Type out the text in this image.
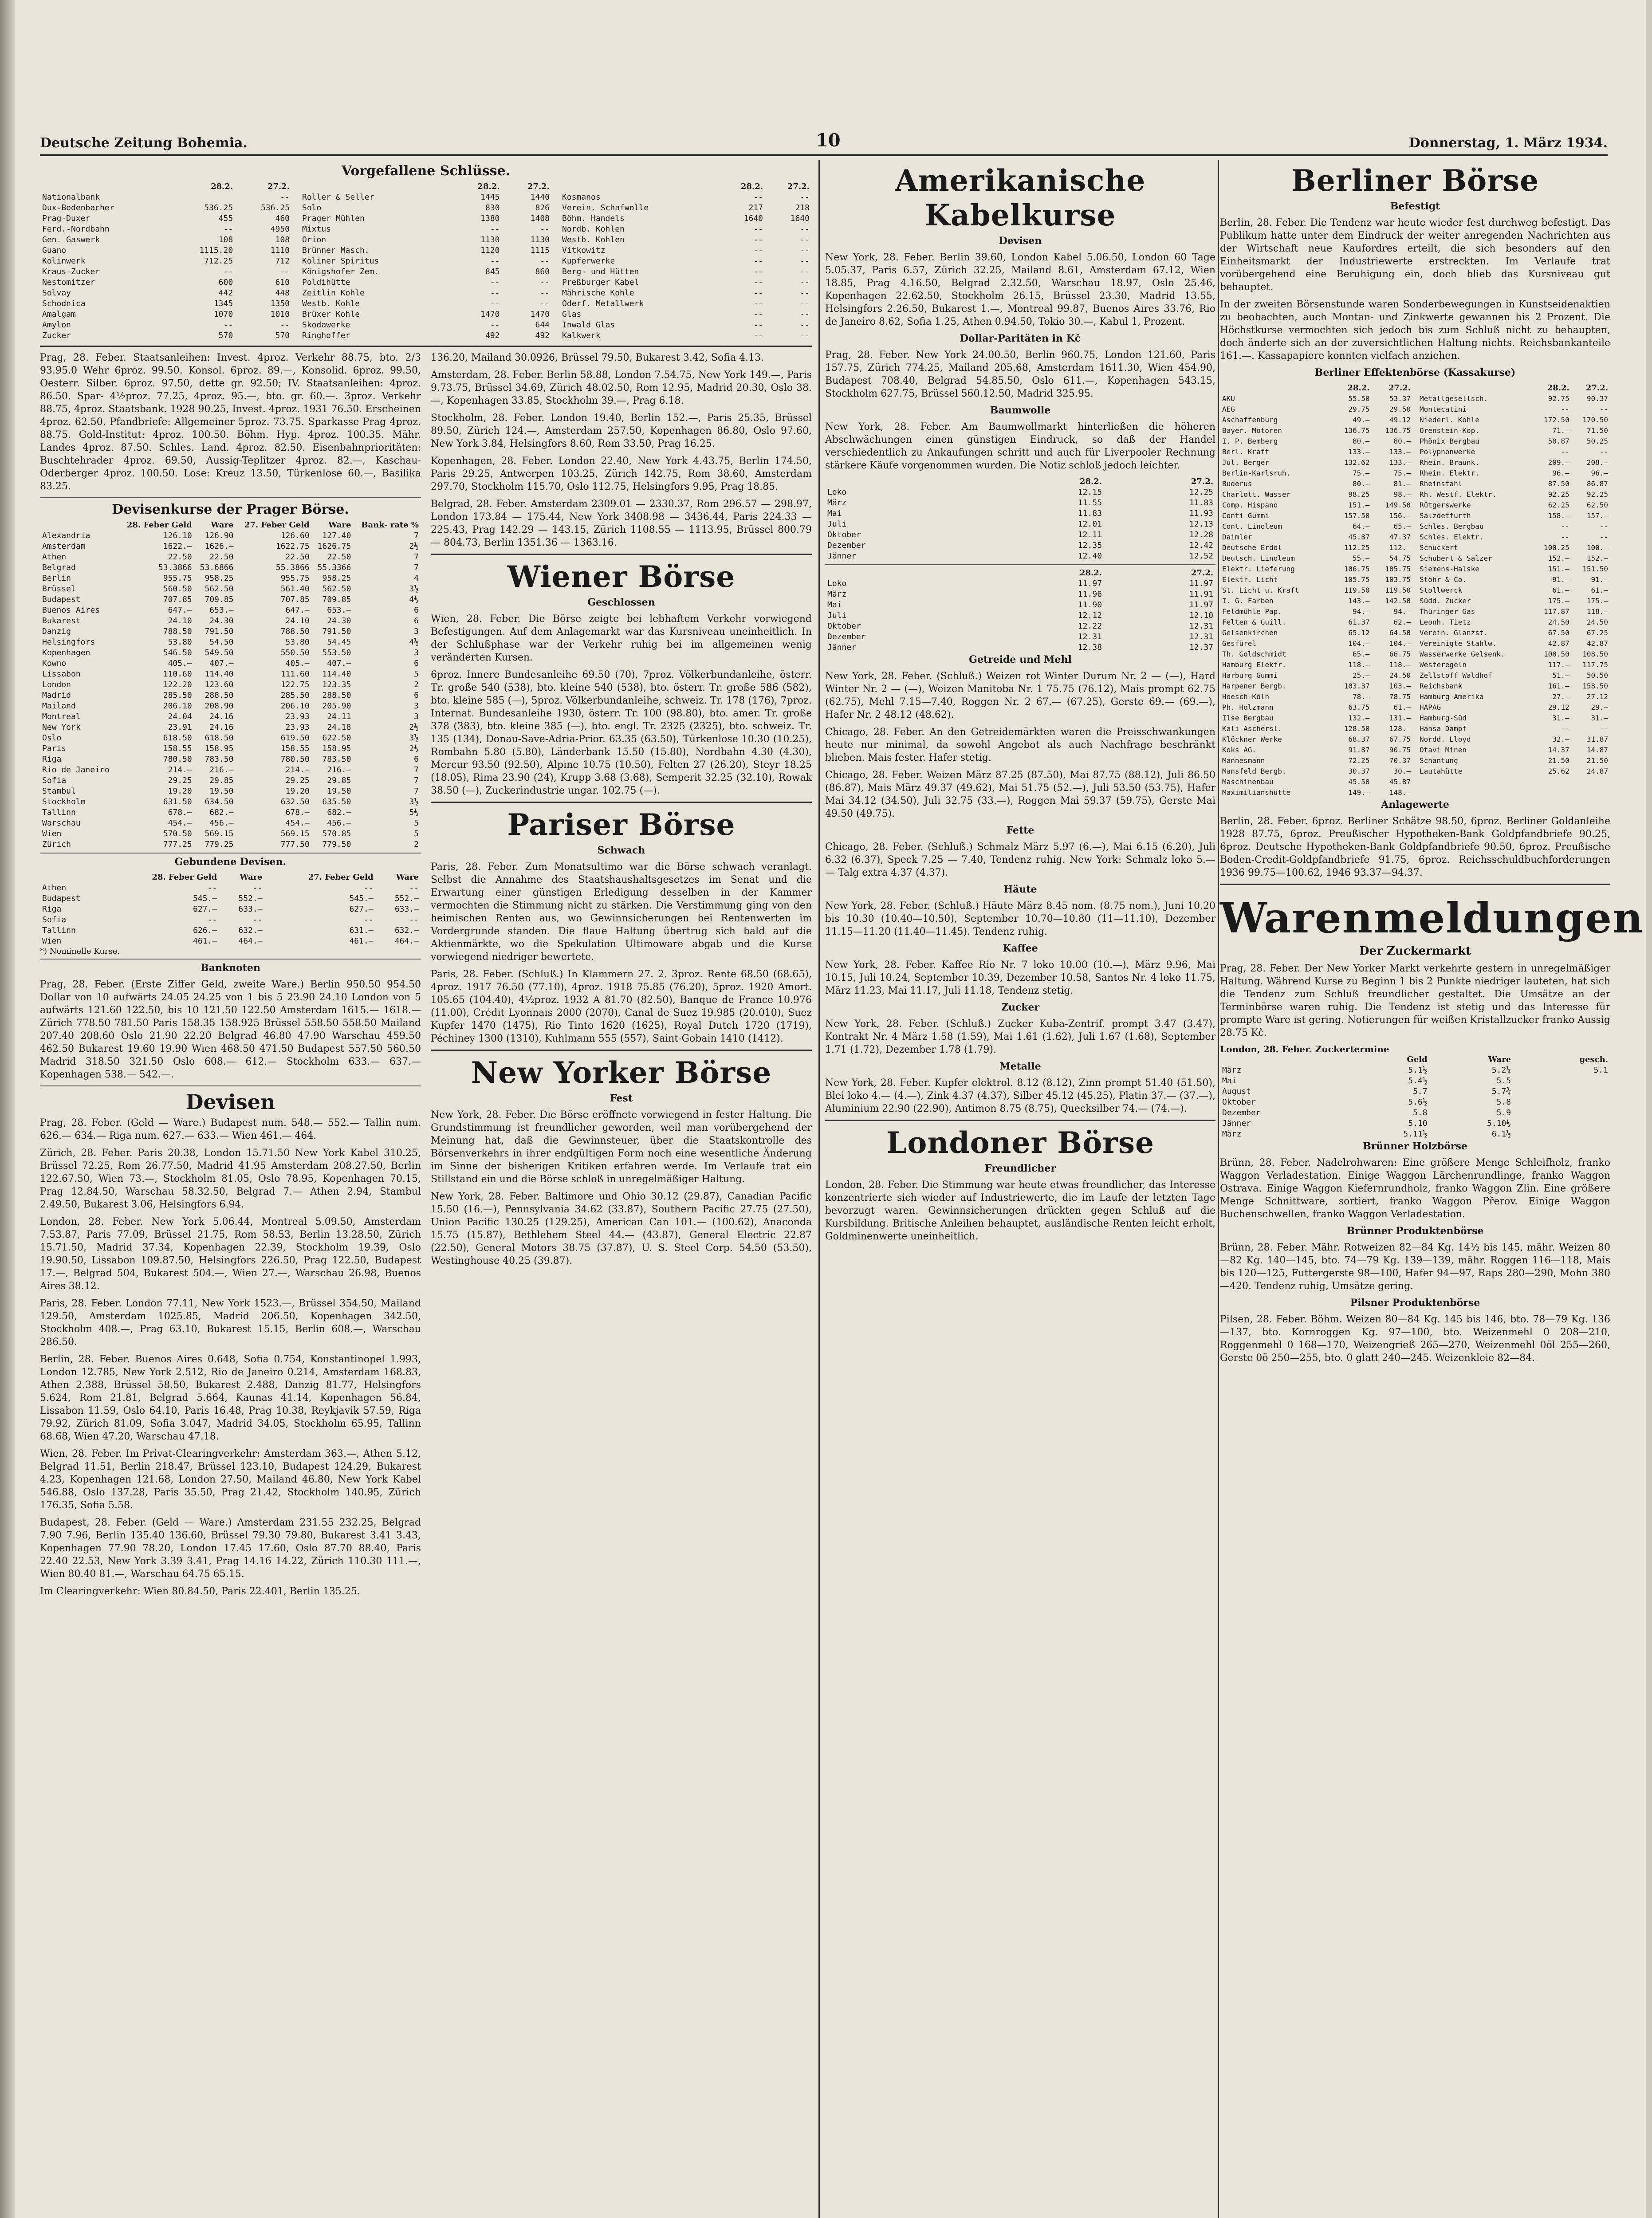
Deutsche Zeitung Bohemia.	10	Donnerstag, 1. März 1934.
Vorgefallene Schlüsse.
	28.2.	27.2.
Nationalbank		--
Dux-Bodenbacher	536.25	536.25
Prag-Duxer	455	460
Ferd.-Nordbahn	--	4950
Gen. Gaswerk	108	108
Guano	1115.20	1110
Kolinwerk	712.25	712
Kraus-Zucker	--	--
Nestomitzer	600	610
Solvay	442	448
Schodnica	1345	1350
Amalgam	1070	1010
Amylon	--	--
Zucker	570	570
	28.2.	27.2.
Roller & Seller	1445	1440
Solo	830	826
Prager Mühlen	1380	1408
Mixtus	--	--
Orion	1130	1130
Brünner Masch.	1120	1115
Koliner Spiritus	--	--
Königshofer Zem.	845	860
Poldihütte	--	--
Zeitlin Kohle	--	--
Westb. Kohle	--	--
Brüxer Kohle	1470	1470
Skodawerke	--	644
Ringhoffer	492	492
	28.2.	27.2.
Kosmanos	--	--
Verein. Schafwolle	217	218
Böhm. Handels	1640	1640
Nordb. Kohlen	--	--
Westb. Kohlen	--	--
Vitkowitz	--	--
Kupferwerke	--	--
Berg- und Hütten	--	--
Preßburger Kabel	--	--
Mährische Kohle	--	--
Oderf. Metallwerk	--	--
Glas	--	--
Inwald Glas	--	--
Kalkwerk	--	--

Prag, 28. Feber. Staatsanleihen: Invest. 4proz. Verkehr 88.75, bto. 2/3 93.95.0 Wehr 6proz. 99.50. Konsol. 6proz. 89.—, Konsolid. 6proz. 99.50, Oesterr. Silber. 6proz. 97.50, dette gr. 92.50; IV. Staatsanleihen: 4proz. 86.50. Spar- 4½proz. 77.25, 4proz. 95.—, bto. gr. 60.—. 3proz. Verkehr 88.75, 4proz. Staatsbank. 1928 90.25, Invest. 4proz. 1931 76.50. Erscheinen 4proz. 62.50. Pfandbriefe: Allgemeiner 5proz. 73.75. Sparkasse Prag 4proz. 88.75. Gold-Institut: 4proz. 100.50. Böhm. Hyp. 4proz. 100.35. Mähr. Landes 4proz. 87.50. Schles. Land. 4proz. 82.50. Eisenbahnprioritäten: Buschtehrader 4proz. 69.50, Aussig-Teplitzer 4proz. 82.—, Kaschau-Oderberger 4proz. 100.50. Lose: Kreuz 13.50, Türkenlose 60.—, Basilika 83.25.

Devisenkurse der Prager Börse.
	28. Feber Geld	Ware	27. Feber Geld	Ware	Bank- rate %
Alexandria	126.10	126.90	126.60	127.40	7
Amsterdam	1622.—	1626.—	1622.75	1626.75	2½
Athen	22.50	22.50	22.50	22.50	7
Belgrad	53.3866	53.6866	55.3866	55.3366	7
Berlin	955.75	958.25	955.75	958.25	4
Brüssel	560.50	562.50	561.40	562.50	3½
Budapest	707.85	709.85	707.85	709.85	4½
Buenos Aires	647.—	653.—	647.—	653.—	6
Bukarest	24.10	24.30	24.10	24.30	6
Danzig	788.50	791.50	788.50	791.50	3
Helsingfors	53.80	54.50	53.80	54.45	4½
Kopenhagen	546.50	549.50	550.50	553.50	3
Kowno	405.—	407.—	405.—	407.—	6
Lissabon	110.60	114.40	111.60	114.40	5
London	122.20	123.60	122.75	123.35	2
Madrid	285.50	288.50	285.50	288.50	6
Mailand	206.10	208.90	206.10	205.90	3
Montreal	24.04	24.16	23.93	24.11	3
New York	23.91	24.16	23.93	24.18	2½
Oslo	618.50	618.50	619.50	622.50	3½
Paris	158.55	158.95	158.55	158.95	2½
Riga	780.50	783.50	780.50	783.50	6
Rio de Janeiro	214.—	216.—	214.—	216.—	7
Sofia	29.25	29.85	29.25	29.85	7
Stambul	19.20	19.50	19.20	19.50	7
Stockholm	631.50	634.50	632.50	635.50	3½
Tallinn	678.—	682.—	678.—	682.—	5½
Warschau	454.—	456.—	454.—	456.—	5
Wien	570.50	569.15	569.15	570.85	5
Zürich	777.25	779.25	777.50	779.50	2
Gebundene Devisen.
	28. Feber Geld	Ware	27. Feber Geld	Ware
Athen	--	--	--	--
Budapest	545.—	552.—	545.—	552.—
Riga	627.—	633.—	627.—	633.—
Sofia	--	--	--	--
Tallinn	626.—	632.—	631.—	632.—
Wien	461.—	464.—	461.—	464.—
*) Nominelle Kurse.
Banknoten

Prag, 28. Feber. (Erste Ziffer Geld, zweite Ware.) Berlin 950.50 954.50 Dollar von 10 aufwärts 24.05 24.25 von 1 bis 5 23.90 24.10 London von 5 aufwärts 121.60 122.50, bis 10 121.50 122.50 Amsterdam 1615.— 1618.— Zürich 778.50 781.50 Paris 158.35 158.925 Brüssel 558.50 558.50 Mailand 207.40 208.60 Oslo 21.90 22.20 Belgrad 46.80 47.90 Warschau 459.50 462.50 Bukarest 19.60 19.90 Wien 468.50 471.50 Budapest 557.50 560.50 Madrid 318.50 321.50 Oslo 608.— 612.— Stockholm 633.— 637.— Kopenhagen 538.— 542.—.

Devisen

Prag, 28. Feber. (Geld — Ware.) Budapest num. 548.— 552.— Tallin num. 626.— 634.— Riga num. 627.— 633.— Wien 461.— 464.

Zürich, 28. Feber. Paris 20.38, London 15.71.50 New York Kabel 310.25, Brüssel 72.25, Rom 26.77.50, Madrid 41.95 Amsterdam 208.27.50, Berlin 122.67.50, Wien 73.—, Stockholm 81.05, Oslo 78.95, Kopenhagen 70.15, Prag 12.84.50, Warschau 58.32.50, Belgrad 7.— Athen 2.94, Stambul 2.49.50, Bukarest 3.06, Helsingfors 6.94.

London, 28. Feber. New York 5.06.44, Montreal 5.09.50, Amsterdam 7.53.87, Paris 77.09, Brüssel 21.75, Rom 58.53, Berlin 13.28.50, Zürich 15.71.50, Madrid 37.34, Kopenhagen 22.39, Stockholm 19.39, Oslo 19.90.50, Lissabon 109.87.50, Helsingfors 226.50, Prag 122.50, Budapest 17.—, Belgrad 504, Bukarest 504.—, Wien 27.—, Warschau 26.98, Buenos Aires 38.12.

Paris, 28. Feber. London 77.11, New York 1523.—, Brüssel 354.50, Mailand 129.50, Amsterdam 1025.85, Madrid 206.50, Kopenhagen 342.50, Stockholm 408.—, Prag 63.10, Bukarest 15.15, Berlin 608.—, Warschau 286.50.

Berlin, 28. Feber. Buenos Aires 0.648, Sofia 0.754, Konstantinopel 1.993, London 12.785, New York 2.512, Rio de Janeiro 0.214, Amsterdam 168.83, Athen 2.388, Brüssel 58.50, Bukarest 2.488, Danzig 81.77, Helsingfors 5.624, Rom 21.81, Belgrad 5.664, Kaunas 41.14, Kopenhagen 56.84, Lissabon 11.59, Oslo 64.10, Paris 16.48, Prag 10.38, Reykjavik 57.59, Riga 79.92, Zürich 81.09, Sofia 3.047, Madrid 34.05, Stockholm 65.95, Tallinn 68.68, Wien 47.20, Warschau 47.18.

Wien, 28. Feber. Im Privat-Clearingverkehr: Amsterdam 363.—, Athen 5.12, Belgrad 11.51, Berlin 218.47, Brüssel 123.10, Budapest 124.29, Bukarest 4.23, Kopenhagen 121.68, London 27.50, Mailand 46.80, New York Kabel 546.88, Oslo 137.28, Paris 35.50, Prag 21.42, Stockholm 140.95, Zürich 176.35, Sofia 5.58.

Budapest, 28. Feber. (Geld — Ware.) Amsterdam 231.55 232.25, Belgrad 7.90 7.96, Berlin 135.40 136.60, Brüssel 79.30 79.80, Bukarest 3.41 3.43, Kopenhagen 77.90 78.20, London 17.45 17.60, Oslo 87.70 88.40, Paris 22.40 22.53, New York 3.39 3.41, Prag 14.16 14.22, Zürich 110.30 111.—, Wien 80.40 81.—, Warschau 64.75 65.15.

Im Clearingverkehr: Wien 80.84.50, Paris 22.401, Berlin 135.25.

136.20, Mailand 30.0926, Brüssel 79.50, Bukarest 3.42, Sofia 4.13.

Amsterdam, 28. Feber. Berlin 58.88, London 7.54.75, New York 149.—, Paris 9.73.75, Brüssel 34.69, Zürich 48.02.50, Rom 12.95, Madrid 20.30, Oslo 38.—, Kopenhagen 33.85, Stockholm 39.—, Prag 6.18.

Stockholm, 28. Feber. London 19.40, Berlin 152.—, Paris 25.35, Brüssel 89.50, Zürich 124.—, Amsterdam 257.50, Kopenhagen 86.80, Oslo 97.60, New York 3.84, Helsingfors 8.60, Rom 33.50, Prag 16.25.

Kopenhagen, 28. Feber. London 22.40, New York 4.43.75, Berlin 174.50, Paris 29.25, Antwerpen 103.25, Zürich 142.75, Rom 38.60, Amsterdam 297.70, Stockholm 115.70, Oslo 112.75, Helsingfors 9.95, Prag 18.85.

Belgrad, 28. Feber. Amsterdam 2309.01 — 2330.37, Rom 296.57 — 298.97, London 173.84 — 175.44, New York 3408.98 — 3436.44, Paris 224.33 — 225.43, Prag 142.29 — 143.15, Zürich 1108.55 — 1113.95, Brüssel 800.79 — 804.73, Berlin 1351.36 — 1363.16.

Wiener Börse
Geschlossen

Wien, 28. Feber. Die Börse zeigte bei lebhaftem Verkehr vorwiegend Befestigungen. Auf dem Anlagemarkt war das Kursniveau uneinheitlich. In der Schlußphase war der Verkehr ruhig bei im allgemeinen wenig veränderten Kursen.

6proz. Innere Bundesanleihe 69.50 (70), 7proz. Völkerbundanleihe, österr. Tr. große 540 (538), bto. kleine 540 (538), bto. österr. Tr. große 586 (582), bto. kleine 585 (—), 5proz. Völkerbundanleihe, schweiz. Tr. 178 (176), 7proz. Internat. Bundesanleihe 1930, österr. Tr. 100 (98.80), bto. amer. Tr. große 378 (383), bto. kleine 385 (—), bto. engl. Tr. 2325 (2325), bto. schweiz. Tr. 135 (134), Donau-Save-Adria-Prior. 63.35 (63.50), Türkenlose 10.30 (10.25), Rombahn 5.80 (5.80), Länderbank 15.50 (15.80), Nordbahn 4.30 (4.30), Mercur 93.50 (92.50), Alpine 10.75 (10.50), Felten 27 (26.20), Steyr 18.25 (18.05), Rima 23.90 (24), Krupp 3.68 (3.68), Semperit 32.25 (32.10), Rowak 38.50 (—), Zuckerindustrie ungar. 102.75 (—).

Pariser Börse
Schwach

Paris, 28. Feber. Zum Monatsultimo war die Börse schwach veranlagt. Selbst die Annahme des Staatshaushaltsgesetzes im Senat und die Erwartung einer günstigen Erledigung desselben in der Kammer vermochten die Stimmung nicht zu stärken. Die Verstimmung ging von den heimischen Renten aus, wo Gewinnsicherungen bei Rentenwerten im Vordergrunde standen. Die flaue Haltung übertrug sich bald auf die Aktienmärkte, wo die Spekulation Ultimoware abgab und die Kurse vorwiegend niedriger bewertete.

Paris, 28. Feber. (Schluß.) In Klammern 27. 2. 3proz. Rente 68.50 (68.65), 4proz. 1917 76.50 (77.10), 4proz. 1918 75.85 (76.20), 5proz. 1920 Amort. 105.65 (104.40), 4½proz. 1932 A 81.70 (82.50), Banque de France 10.976 (11.00), Crédit Lyonnais 2000 (2070), Canal de Suez 19.985 (20.010), Suez Kupfer 1470 (1475), Rio Tinto 1620 (1625), Royal Dutch 1720 (1719), Péchiney 1300 (1310), Kuhlmann 555 (557), Saint-Gobain 1410 (1412).

New Yorker Börse
Fest

New York, 28. Feber. Die Börse eröffnete vorwiegend in fester Haltung. Die Grundstimmung ist freundlicher geworden, weil man vorübergehend der Meinung hat, daß die Gewinnsteuer, über die Staatskontrolle des Börsenverkehrs in ihrer endgültigen Form noch eine wesentliche Änderung im Sinne der bisherigen Kritiken erfahren werde. Im Verlaufe trat ein Stillstand ein und die Börse schloß in unregelmäßiger Haltung.

New York, 28. Feber. Baltimore und Ohio 30.12 (29.87), Canadian Pacific 15.50 (16.—), Pennsylvania 34.62 (33.87), Southern Pacific 27.75 (27.50), Union Pacific 130.25 (129.25), American Can 101.— (100.62), Anaconda 15.75 (15.87), Bethlehem Steel 44.— (43.87), General Electric 22.87 (22.50), General Motors 38.75 (37.87), U. S. Steel Corp. 54.50 (53.50), Westinghouse 40.25 (39.87).

Amerikanische Kabelkurse
Devisen

New York, 28. Feber. Berlin 39.60, London Kabel 5.06.50, London 60 Tage 5.05.37, Paris 6.57, Zürich 32.25, Mailand 8.61, Amsterdam 67.12, Wien 18.85, Prag 4.16.50, Belgrad 2.32.50, Warschau 18.97, Oslo 25.46, Kopenhagen 22.62.50, Stockholm 26.15, Brüssel 23.30, Madrid 13.55, Helsingfors 2.26.50, Bukarest 1.—, Montreal 99.87, Buenos Aires 33.76, Rio de Janeiro 8.62, Sofia 1.25, Athen 0.94.50, Tokio 30.—, Kabul 1, Prozent.

Dollar-Paritäten in Kč

Prag, 28. Feber. New York 24.00.50, Berlin 960.75, London 121.60, Paris 157.75, Zürich 774.25, Mailand 205.68, Amsterdam 1611.30, Wien 454.90, Budapest 708.40, Belgrad 54.85.50, Oslo 611.—, Kopenhagen 543.15, Stockholm 627.75, Brüssel 560.12.50, Madrid 325.95.

Baumwolle

New York, 28. Feber. Am Baumwollmarkt hinterließen die höheren Abschwächungen einen günstigen Eindruck, so daß der Handel verschiedentlich zu Ankaufungen schritt und auch für Liverpooler Rechnung stärkere Käufe vorgenommen wurden. Die Notiz schloß jedoch leichter.

	28.2.	27.2.
Loko	12.15	12.25
März	11.55	11.83
Mai	11.83	11.93
Juli	12.01	12.13
Oktober	12.11	12.28
Dezember	12.35	12.42
Jänner	12.40	12.52
	28.2.	27.2.
Loko	11.97	11.97
März	11.96	11.91
Mai	11.90	11.97
Juli	12.12	12.10
Oktober	12.22	12.31
Dezember	12.31	12.31
Jänner	12.38	12.37
Getreide und Mehl

New York, 28. Feber. (Schluß.) Weizen rot Winter Durum Nr. 2 — (—), Hard Winter Nr. 2 — (—), Weizen Manitoba Nr. 1 75.75 (76.12), Mais prompt 62.75 (62.75), Mehl 7.15—7.40, Roggen Nr. 2 67.— (67.25), Gerste 69.— (69.—), Hafer Nr. 2 48.12 (48.62).

Chicago, 28. Feber. An den Getreidemärkten waren die Preisschwankungen heute nur minimal, da sowohl Angebot als auch Nachfrage beschränkt blieben. Mais fester. Hafer stetig.

Chicago, 28. Feber. Weizen März 87.25 (87.50), Mai 87.75 (88.12), Juli 86.50 (86.87), Mais März 49.37 (49.62), Mai 51.75 (52.—), Juli 53.50 (53.75), Hafer Mai 34.12 (34.50), Juli 32.75 (33.—), Roggen Mai 59.37 (59.75), Gerste Mai 49.50 (49.75).

Fette

Chicago, 28. Feber. (Schluß.) Schmalz März 5.97 (6.—), Mai 6.15 (6.20), Juli 6.32 (6.37), Speck 7.25 — 7.40, Tendenz ruhig. New York: Schmalz loko 5.— — Talg extra 4.37 (4.37).

Häute

New York, 28. Feber. (Schluß.) Häute März 8.45 nom. (8.75 nom.), Juni 10.20 bis 10.30 (10.40—10.50), September 10.70—10.80 (11—11.10), Dezember 11.15—11.20 (11.40—11.45). Tendenz ruhig.

Kaffee

New York, 28. Feber. Kaffee Rio Nr. 7 loko 10.00 (10.—), März 9.96, Mai 10.15, Juli 10.24, September 10.39, Dezember 10.58, Santos Nr. 4 loko 11.75, März 11.23, Mai 11.17, Juli 11.18, Tendenz stetig.

Zucker

New York, 28. Feber. (Schluß.) Zucker Kuba-Zentrif. prompt 3.47 (3.47), Kontrakt Nr. 4 März 1.58 (1.59), Mai 1.61 (1.62), Juli 1.67 (1.68), September 1.71 (1.72), Dezember 1.78 (1.79).

Metalle

New York, 28. Feber. Kupfer elektrol. 8.12 (8.12), Zinn prompt 51.40 (51.50), Blei loko 4.— (4.—), Zink 4.37 (4.37), Silber 45.12 (45.25), Platin 37.— (37.—), Aluminium 22.90 (22.90), Antimon 8.75 (8.75), Quecksilber 74.— (74.—).

Londoner Börse
Freundlicher

London, 28. Feber. Die Stimmung war heute etwas freundlicher, das Interesse konzentrierte sich wieder auf Industriewerte, die im Laufe der letzten Tage bevorzugt waren. Gewinnsicherungen drückten gegen Schluß auf die Kursbildung. Britische Anleihen behauptet, ausländische Renten leicht erholt, Goldminenwerte uneinheitlich.

Berliner Börse
Befestigt

Berlin, 28. Feber. Die Tendenz war heute wieder fest durchweg befestigt. Das Publikum hatte unter dem Eindruck der weiter anregenden Nachrichten aus der Wirtschaft neue Kaufordres erteilt, die sich besonders auf den Einheitsmarkt der Industriewerte erstreckten. Im Verlaufe trat vorübergehend eine Beruhigung ein, doch blieb das Kursniveau gut behauptet.

In der zweiten Börsenstunde waren Sonderbewegungen in Kunstseidenaktien zu beobachten, auch Montan- und Zinkwerte gewannen bis 2 Prozent. Die Höchstkurse vermochten sich jedoch bis zum Schluß nicht zu behaupten, doch änderte sich an der zuversichtlichen Haltung nichts. Reichsbankanteile 161.—. Kassapapiere konnten vielfach anziehen.

Berliner Effektenbörse (Kassakurse)
	28.2.	27.2.
AKU	55.50	53.37
AEG	29.75	29.50
Aschaffenburg	49.—	49.12
Bayer. Motoren	136.75	136.75
I. P. Bemberg	80.—	80.—
Berl. Kraft	133.—	133.—
Jul. Berger	132.62	133.—
Berlin-Karlsruh.	75.—	75.—
Buderus	80.—	81.—
Charlott. Wasser	98.25	98.—
Comp. Hispano	151.—	149.50
Conti Gummi	157.50	156.—
Cont. Linoleum	64.—	65.—
Daimler	45.87	47.37
Deutsche Erdöl	112.25	112.—
Deutsch. Linoleum	55.—	54.75
Elektr. Lieferung	106.75	105.75
Elektr. Licht	105.75	103.75
St. Licht u. Kraft	119.50	119.50
I. G. Farben	143.—	142.50
Feldmühle Pap.	94.—	94.—
Felten & Guill.	61.37	62.—
Gelsenkirchen	65.12	64.50
Gesfürel	104.—	104.—
Th. Goldschmidt	65.—	66.75
Hamburg Elektr.	118.—	118.—
Harburg Gummi	25.—	24.50
Harpener Bergb.	103.37	103.—
Hoesch-Köln	78.—	78.75
Ph. Holzmann	63.75	61.—
Ilse Bergbau	132.—	131.—
Kali Aschersl.	128.50	128.—
Klöckner Werke	68.37	67.75
Koks AG.	91.87	90.75
Mannesmann	72.25	70.37
Mansfeld Bergb.	30.37	30.—
Maschinenbau	45.50	45.87
Maximilianshütte	149.—	148.—
	28.2.	27.2.
Metallgesellsch.	92.75	90.37
Montecatini	--	--
Niederl. Kohle	172.50	170.50
Orenstein-Kop.	71.—	71.50
Phönix Bergbau	50.87	50.25
Polyphonwerke	--	--
Rhein. Braunk.	209.—	208.—
Rhein. Elektr.	96.—	96.—
Rheinstahl	87.50	86.87
Rh. Westf. Elektr.	92.25	92.25
Rütgerswerke	62.25	62.50
Salzdetfurth	158.—	157.—
Schles. Bergbau	--	--
Schles. Elektr.	--	--
Schuckert	100.25	100.—
Schubert & Salzer	152.—	152.—
Siemens-Halske	151.—	151.50
Stöhr & Co.	91.—	91.—
Stollwerck	61.—	61.—
Südd. Zucker	175.—	175.—
Thüringer Gas	117.87	118.—
Leonh. Tietz	24.50	24.50
Verein. Glanzst.	67.50	67.25
Vereinigte Stahlw.	42.87	42.87
Wasserwerke Gelsenk.	108.50	108.50
Westeregeln	117.—	117.75
Zellstoff Waldhof	51.—	50.50
Reichsbank	161.—	158.50
Hamburg-Amerika	27.—	27.12
HAPAG	29.12	29.—
Hamburg-Süd	31.—	31.—
Hansa Dampf	--	--
Nordd. Lloyd	32.—	31.87
Otavi Minen	14.37	14.87
Schantung	21.50	21.50
Lautahütte	25.62	24.87
Anlagewerte

Berlin, 28. Feber. 6proz. Berliner Schätze 98.50, 6proz. Berliner Goldanleihe 1928 87.75, 6proz. Preußischer Hypotheken-Bank Goldpfandbriefe 90.25, 6proz. Deutsche Hypotheken-Bank Goldpfandbriefe 90.50, 6proz. Preußische Boden-Credit-Goldpfandbriefe 91.75, 6proz. Reichsschuldbuchforderungen 1936 99.75—100.62, 1946 93.37—94.37.

Warenmeldungen
Der Zuckermarkt

Prag, 28. Feber. Der New Yorker Markt verkehrte gestern in unregelmäßiger Haltung. Während Kurse zu Beginn 1 bis 2 Punkte niedriger lauteten, hat sich die Tendenz zum Schluß freundlicher gestaltet. Die Umsätze an der Terminbörse waren ruhig. Die Tendenz ist stetig und das Interesse für prompte Ware ist gering. Notierungen für weißen Kristallzucker franko Aussig 28.75 Kč.

London, 28. Feber. Zuckertermine
	Geld	Ware	gesch.
März	5.1½	5.2¼	5.1
Mai	5.4½	5.5	
August	5.7	5.7¾	
Oktober	5.6½	5.8	
Dezember	5.8	5.9	
Jänner	5.10	5.10½	
März	5.11½	6.1½	
Brünner Holzbörse

Brünn, 28. Feber. Nadelrohwaren: Eine größere Menge Schleifholz, franko Waggon Verladestation. Einige Waggon Lärchenrundlinge, franko Waggon Ostrava. Einige Waggon Kiefernrundholz, franko Waggon Zlin. Eine größere Menge Schnittware, sortiert, franko Waggon Přerov. Einige Waggon Buchenschwellen, franko Waggon Verladestation.

Brünner Produktenbörse

Brünn, 28. Feber. Mähr. Rotweizen 82—84 Kg. 14½ bis 145, mähr. Weizen 80—82 Kg. 140—145, bto. 74—79 Kg. 139—139, mähr. Roggen 116—118, Mais bis 120—125, Futtergerste 98—100, Hafer 94—97, Raps 280—290, Mohn 380—420. Tendenz ruhig, Umsätze gering.

Pilsner Produktenbörse

Pilsen, 28. Feber. Böhm. Weizen 80—84 Kg. 145 bis 146, bto. 78—79 Kg. 136—137, bto. Kornroggen Kg. 97—100, bto. Weizenmehl 0 208—210, Roggenmehl 0 168—170, Weizengrieß 265—270, Weizenmehl 0öl 255—260, Gerste 0ö 250—255, bto. 0 glatt 240—245. Weizenkleie 82—84.
